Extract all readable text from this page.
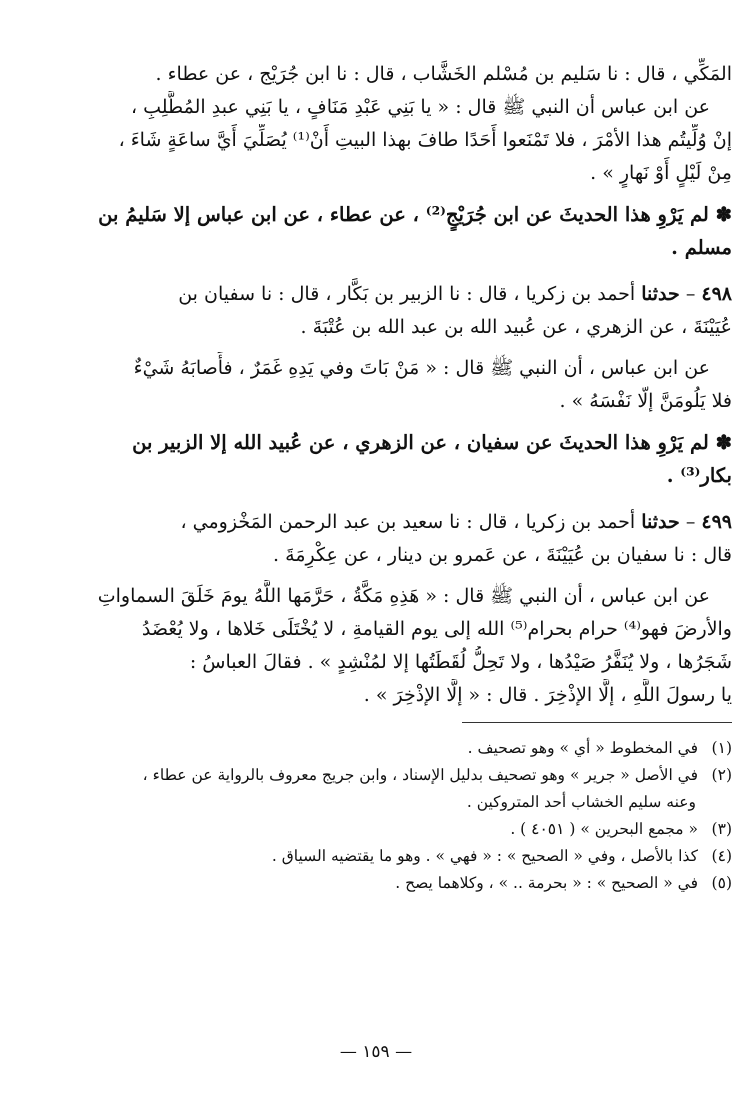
المَكِّي ، قال : نا سَليم بن مُسْلم الخَشَّاب ، قال : نا ابن جُرَيْج ، عن عطاء .
عن ابن عباس أن النبي ﷺ قال : « يا بَنِي عَبْدِ مَنَافٍ ، يا بَنِي عبدِ المُطَّلِبِ ،
إنْ وُلِّيتُم هذا الأمْرَ ، فلا تَمْنَعوا أَحَدًا طافَ بهذا البيتِ أَنْ⁽¹⁾ يُصَلِّيَ أَيَّ ساعَةٍ شَاءَ ،
مِنْ لَيْلٍ أَوْ نَهارٍ » .
✽ لم يَرْوِ هذا الحديثَ عن ابن جُرَيْجٍ⁽²⁾ ، عن عطاء ، عن ابن عباس إلا سَليمُ بن
مسلم .
٤٩٨ – حدثنا أحمد بن زكريا ، قال : نا الزبير بن بَكَّار ، قال : نا سفيان بن
عُيَيْنَةَ ، عن الزهري ، عن عُبيد الله بن عبد الله بن عُتْبَةَ .
عن ابن عباس ، أن النبي ﷺ قال : « مَنْ بَاتَ وفي يَدِهِ غَمَرٌ ، فأَصابَهُ شَيْءٌ
فلا يَلُومَنَّ إلّا نَفْسَهُ » .
✽ لم يَرْوِ هذا الحديثَ عن سفيان ، عن الزهري ، عن عُبيد الله إلا الزبير بن
بكار⁽³⁾ .
٤٩٩ – حدثنا أحمد بن زكريا ، قال : نا سعيد بن عبد الرحمن المَخْزومي ،
قال : نا سفيان بن عُيَيْنَةَ ، عن عَمرو بن دينار ، عن عِكْرِمَةَ .
عن ابن عباس ، أن النبي ﷺ قال : « هَذِهِ مَكَّةُ ، حَرَّمَها اللَّهُ يومَ خَلَقَ السماواتِ
والأرضَ فهو⁽⁴⁾ حرام بحرام⁽⁵⁾ الله إلى يوم القيامةِ ، لا يُخْتَلَى خَلاها ، ولا يُعْضَدُ
شَجَرُها ، ولا يُنَفَّرُ صَيْدُها ، ولا تَحِلُّ لُقَطَتُها إلا لمُنْشِدٍ » . فقالَ العباسُ :
يا رسولَ اللَّهِ ، إلَّا الإذْخِرَ . قال : « إلَّا الإذْخِرَ » .
(١)في المخطوط « أي » وهو تصحيف .
(٢)في الأصل « جرير » وهو تصحيف بدليل الإسناد ، وابن جريج معروف بالرواية عن عطاء ،
وعنه سليم الخشاب أحد المتروكين .
(٣)« مجمع البحرين » ( ٤٠٥١ ) .
(٤)كذا بالأصل ، وفي « الصحيح » : « فهي » . وهو ما يقتضيه السياق .
(٥)في « الصحيح » : « بحرمة .. » ، وكلاهما يصح .
— ١٥٩ —
